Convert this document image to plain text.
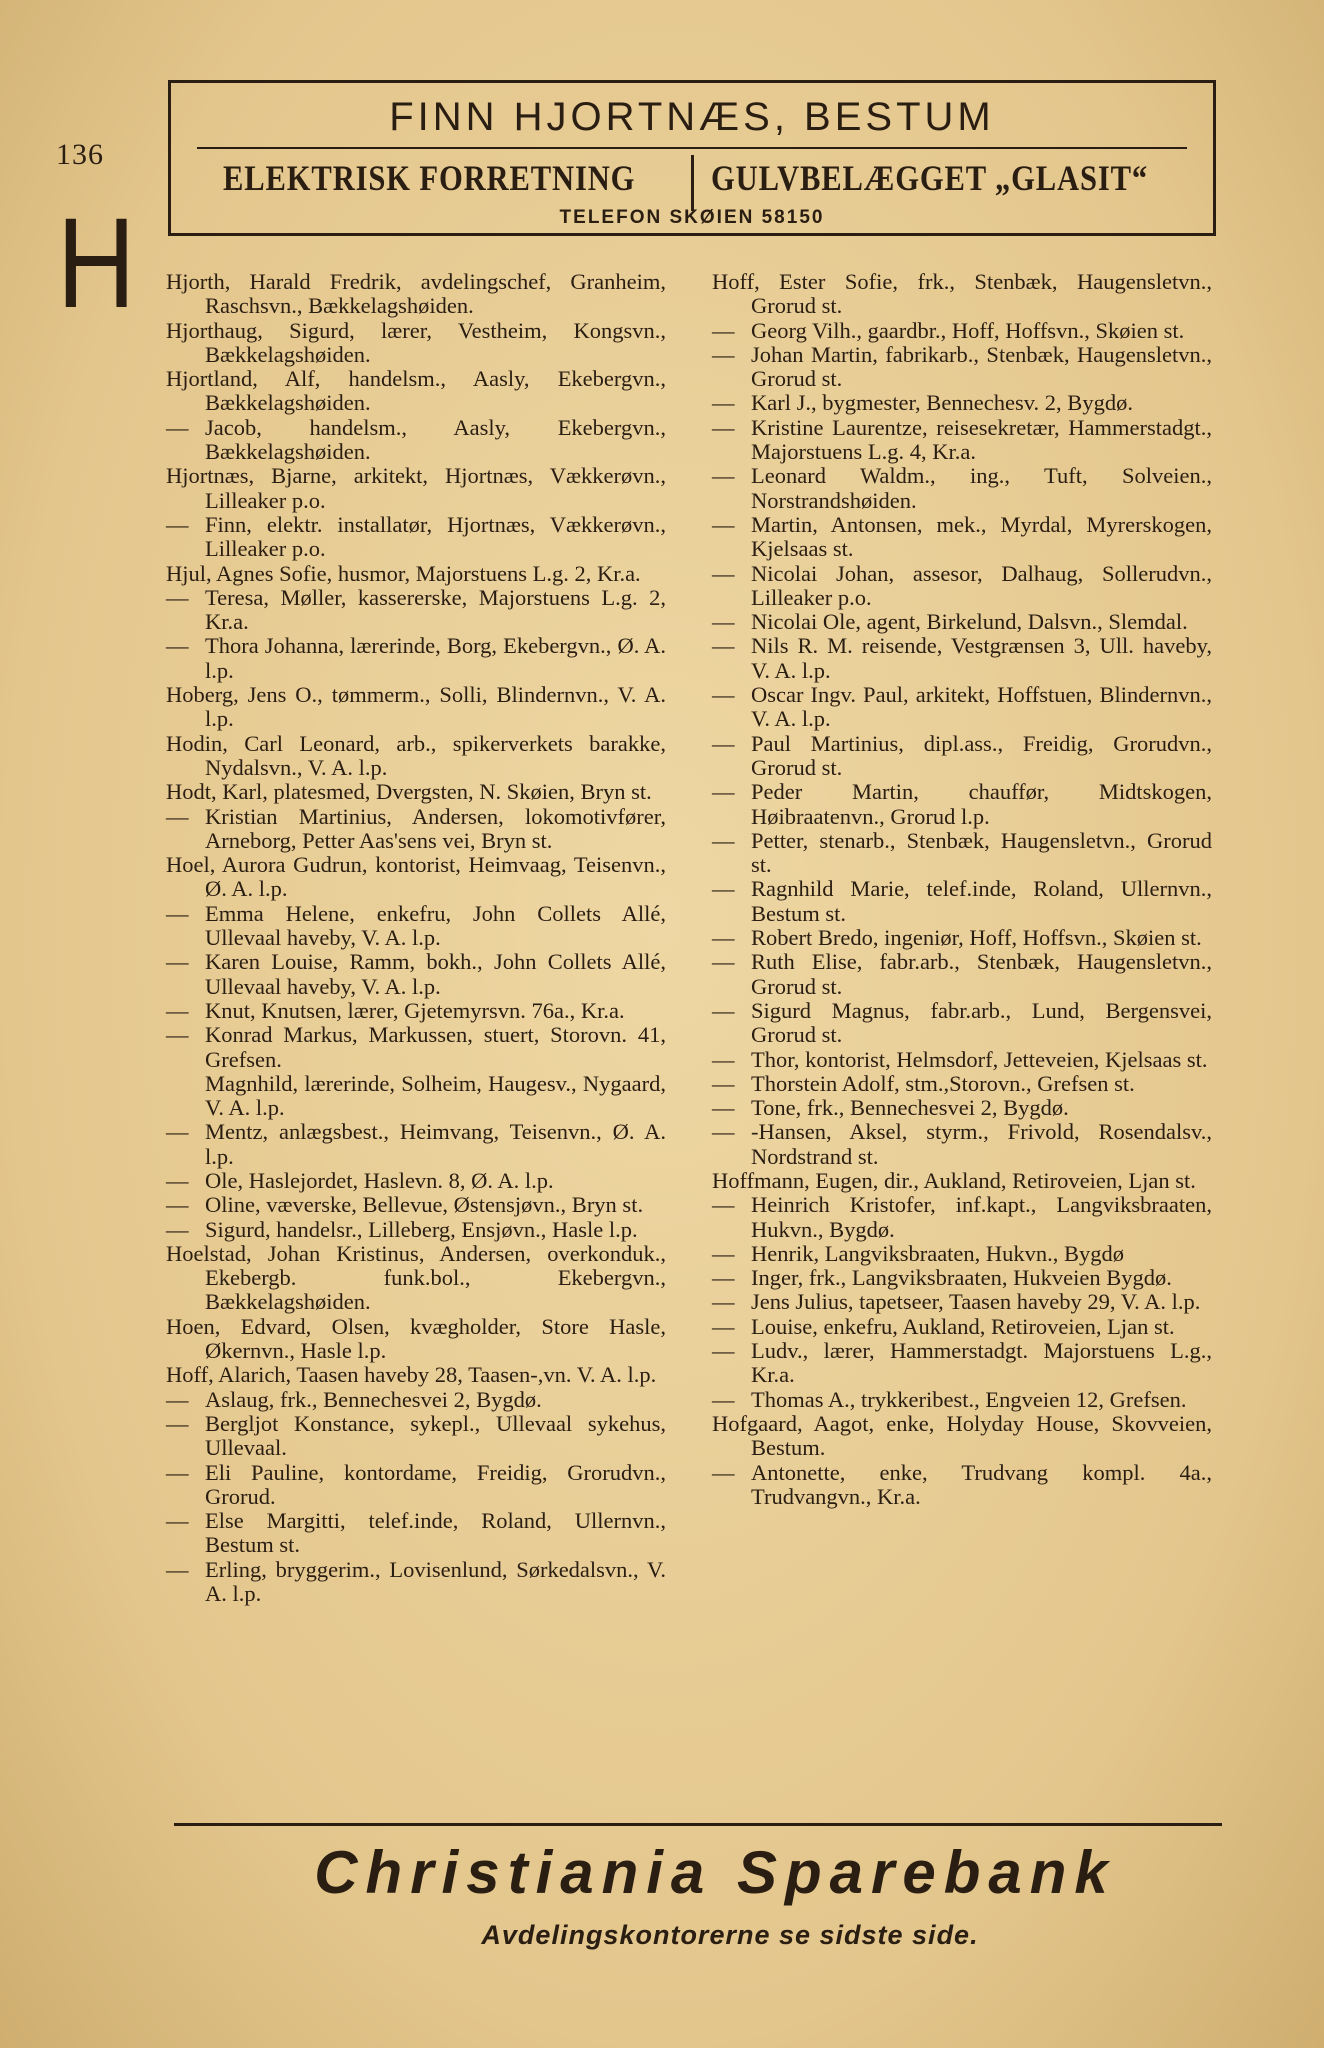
136
FINN HJORTNÆS, BESTUM
ELEKTRISK FORRETNING	GULVBELÆGGET „GLASIT“
TELEFON SKØIEN 58150
H Hjorth, Harald Fredrik, avdelingschef, Granheim, Raschsvn., Bækkelagshøiden.
Hjorthaug, Sigurd, lærer, Vestheim, Kongsvn., Bækkelagshøiden.
Hjortland, Alf, handelsm., Aasly, Ekebergvn., Bækkelagshøiden.
— Jacob, handelsm., Aasly, Ekebergvn., Bækkelagshøiden.
Hjortnæs, Bjarne, arkitekt, Hjortnæs, Vækkerøvn., Lilleaker p.o.
— Finn, elektr. installatør, Hjortnæs, Vækkerøvn., Lilleaker p.o.
Hjul, Agnes Sofie, husmor, Majorstuens L.g. 2, Kr.a.
— Teresa, Møller, kassererske, Majorstuens L.g. 2, Kr.a.
— Thora Johanna, lærerinde, Borg, Ekebergvn., Ø. A. l.p.
Hoberg, Jens O., tømmerm., Solli, Blindernvn., V. A. l.p.
Hodin, Carl Leonard, arb., spikerverkets barakke, Nydalsvn., V. A. l.p.
Hodt, Karl, platesmed, Dvergsten, N. Skøien, Bryn st.
— Kristian Martinius, Andersen, lokomotivfører, Arneborg, Petter Aas'sens vei, Bryn st.
Hoel, Aurora Gudrun, kontorist, Heimvaag, Teisenvn., Ø. A. l.p.
— Emma Helene, enkefru, John Collets Allé, Ullevaal haveby, V. A. l.p.
— Karen Louise, Ramm, bokh., John Collets Allé, Ullevaal haveby, V. A. l.p.
— Knut, Knutsen, lærer, Gjetemyrsvn. 76a., Kr.a.
— Konrad Markus, Markussen, stuert, Storovn. 41, Grefsen.
Magnhild, lærerinde, Solheim, Haugesv., Nygaard, V. A. l.p.
— Mentz, anlægsbest., Heimvang, Teisenvn., Ø. A. l.p.
— Ole, Haslejordet, Haslevn. 8, Ø. A. l.p.
— Oline, væverske, Bellevue, Østensjøvn., Bryn st.
— Sigurd, handelsr., Lilleberg, Ensjøvn., Hasle l.p.
Hoelstad, Johan Kristinus, Andersen, overkonduk., Ekebergb. funk.bol., Ekebergvn., Bækkelagshøiden.
Hoen, Edvard, Olsen, kvægholder, Store Hasle, Økernvn., Hasle l.p.
Hoff, Alarich, Taasen haveby 28, Taasen-,vn. V. A. l.p.
— Aslaug, frk., Bennechesvei 2, Bygdø.
— Bergljot Konstance, sykepl., Ullevaal sykehus, Ullevaal.
— Eli Pauline, kontordame, Freidig, Grorudvn., Grorud.
— Else Margitti, telef.inde, Roland, Ullernvn., Bestum st.
— Erling, bryggerim., Lovisenlund, Sørkedalsvn., V. A. l.p.
Hoff, Ester Sofie, frk., Stenbæk, Haugensletvn., Grorud st.
— Georg Vilh., gaardbr., Hoff, Hoffsvn., Skøien st.
— Johan Martin, fabrikarb., Stenbæk, Haugensletvn., Grorud st.
— Karl J., bygmester, Bennechesv. 2, Bygdø.
— Kristine Laurentze, reisesekretær, Hammerstadgt., Majorstuens L.g. 4, Kr.a.
— Leonard Waldm., ing., Tuft, Solveien., Norstrandshøiden.
— Martin, Antonsen, mek., Myrdal, Myrerskogen, Kjelsaas st.
— Nicolai Johan, assesor, Dalhaug, Sollerudvn., Lilleaker p.o.
— Nicolai Ole, agent, Birkelund, Dalsvn., Slemdal.
— Nils R. M. reisende, Vestgrænsen 3, Ull. haveby, V. A. l.p.
— Oscar Ingv. Paul, arkitekt, Hoffstuen, Blindernvn., V. A. l.p.
— Paul Martinius, dipl.ass., Freidig, Grorudvn., Grorud st.
— Peder Martin, chauffør, Midtskogen, Høibraatenvn., Grorud l.p.
— Petter, stenarb., Stenbæk, Haugensletvn., Grorud st.
— Ragnhild Marie, telef.inde, Roland, Ullernvn., Bestum st.
— Robert Bredo, ingeniør, Hoff, Hoffsvn., Skøien st.
— Ruth Elise, fabr.arb., Stenbæk, Haugensletvn., Grorud st.
— Sigurd Magnus, fabr.arb., Lund, Bergensvei, Grorud st.
— Thor, kontorist, Helmsdorf, Jetteveien, Kjelsaas st.
— Thorstein Adolf, stm.,Storovn., Grefsen st.
— Tone, frk., Bennechesvei 2, Bygdø.
— -Hansen, Aksel, styrm., Frivold, Rosendalsv., Nordstrand st.
Hoffmann, Eugen, dir., Aukland, Retiroveien, Ljan st.
— Heinrich Kristofer, inf.kapt., Langviksbraaten, Hukvn., Bygdø.
— Henrik, Langviksbraaten, Hukvn., Bygdø
— Inger, frk., Langviksbraaten, Hukveien Bygdø.
— Jens Julius, tapetseer, Taasen haveby 29, V. A. l.p.
— Louise, enkefru, Aukland, Retiroveien, Ljan st.
— Ludv., lærer, Hammerstadgt. Majorstuens L.g., Kr.a.
— Thomas A., trykkeribest., Engveien 12, Grefsen.
Hofgaard, Aagot, enke, Holyday House, Skovveien, Bestum.
— Antonette, enke, Trudvang kompl. 4a., Trudvangvn., Kr.a.
Christiania Sparebank
Avdelingskontorerne se sidste side.
